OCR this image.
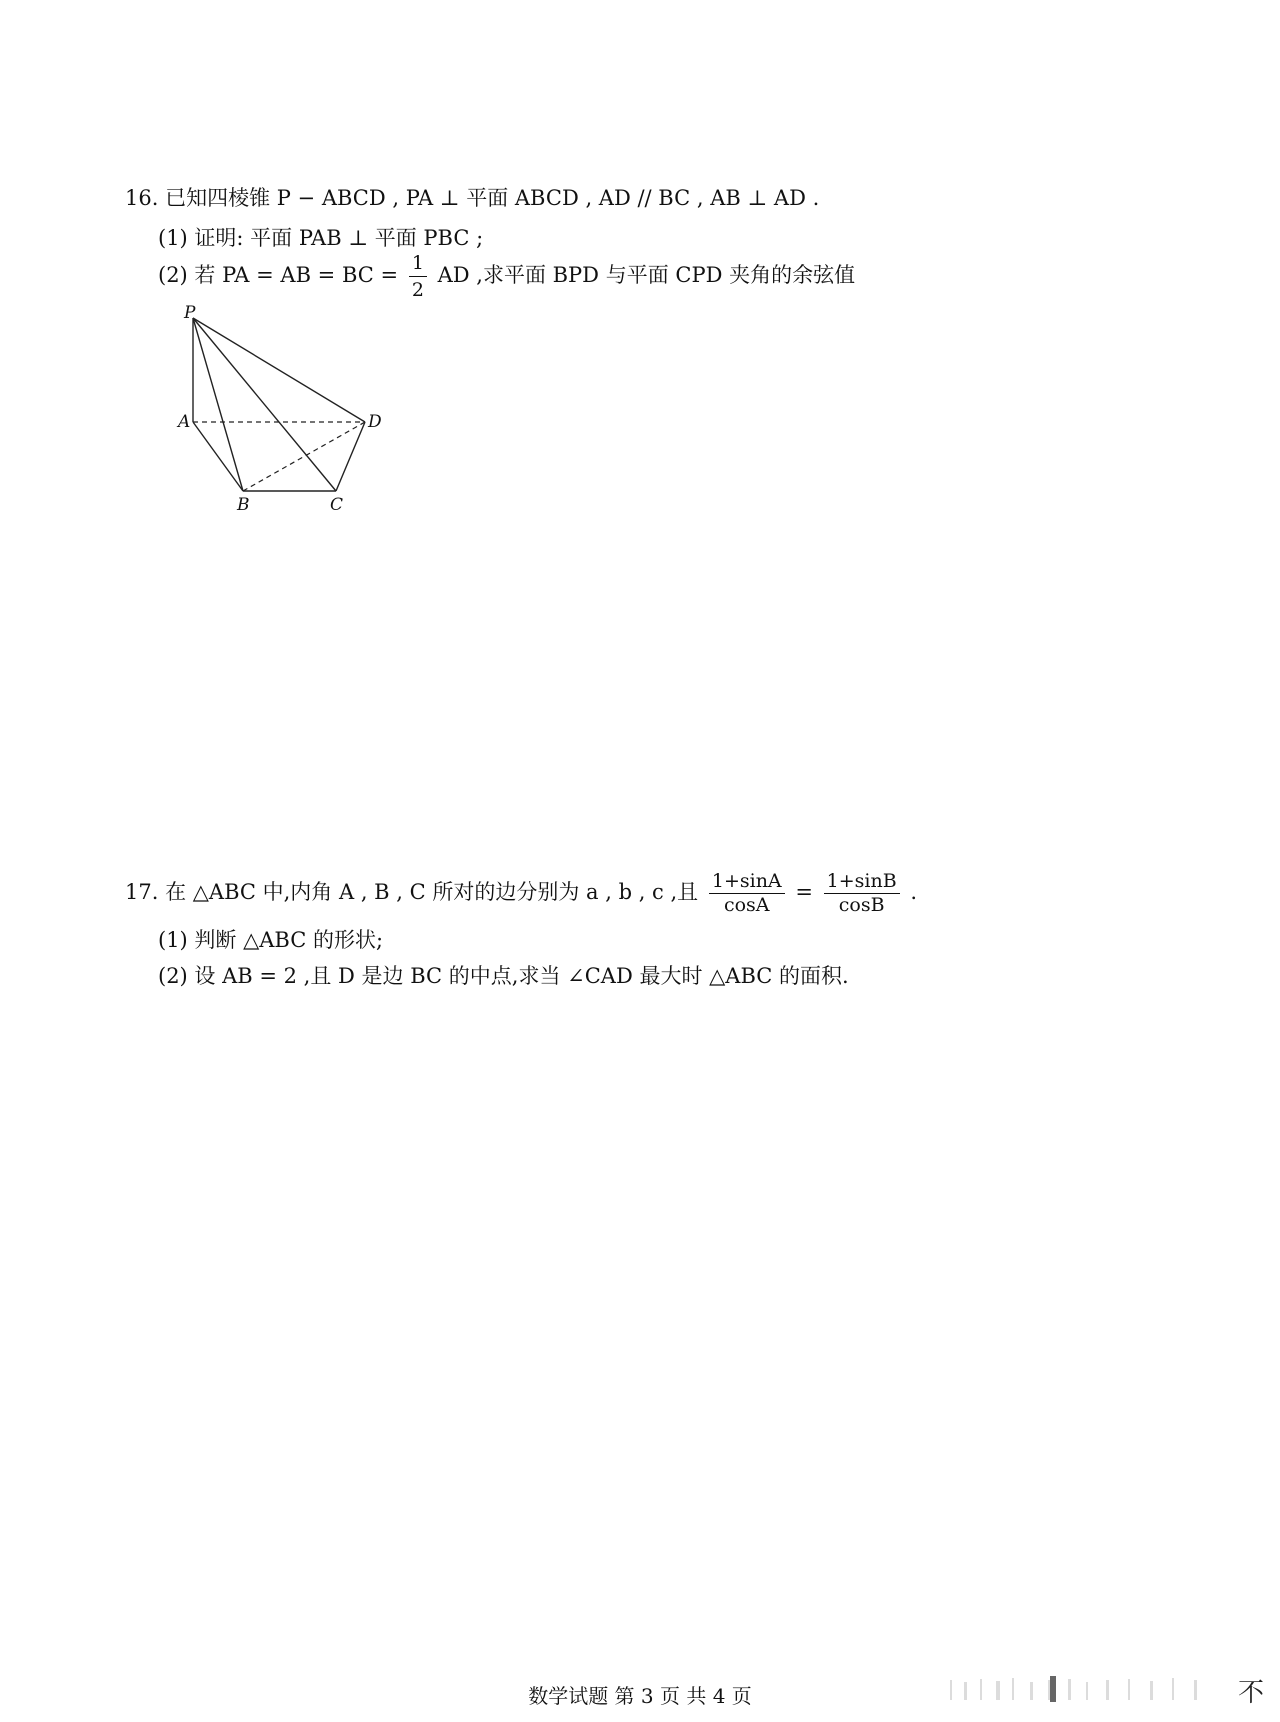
16. 已知四棱锥 P − ABCD , PA ⊥ 平面 ABCD , AD // BC , AB ⊥ AD .
(1) 证明: 平面 PAB ⊥ 平面 PBC ;
(2) 若 PA = AB = BC = $\frac{1}{2}$ AD ,求平面 BPD 与平面 CPD 夹角的余弦值
P
A	D
B	C
17. 在 △ABC 中,内角 A , B , C 所对的边分别为 a , b , c ,且 $\frac{1+\sin A}{\cos A} = \frac{1+\sin B}{\cos B}$ .
(1) 判断 △ABC 的形状;
(2) 设 AB = 2 ,且 D 是边 BC 的中点,求当 ∠CAD 最大时 △ABC 的面积.
数学试题 第 3 页 共 4 页	不
